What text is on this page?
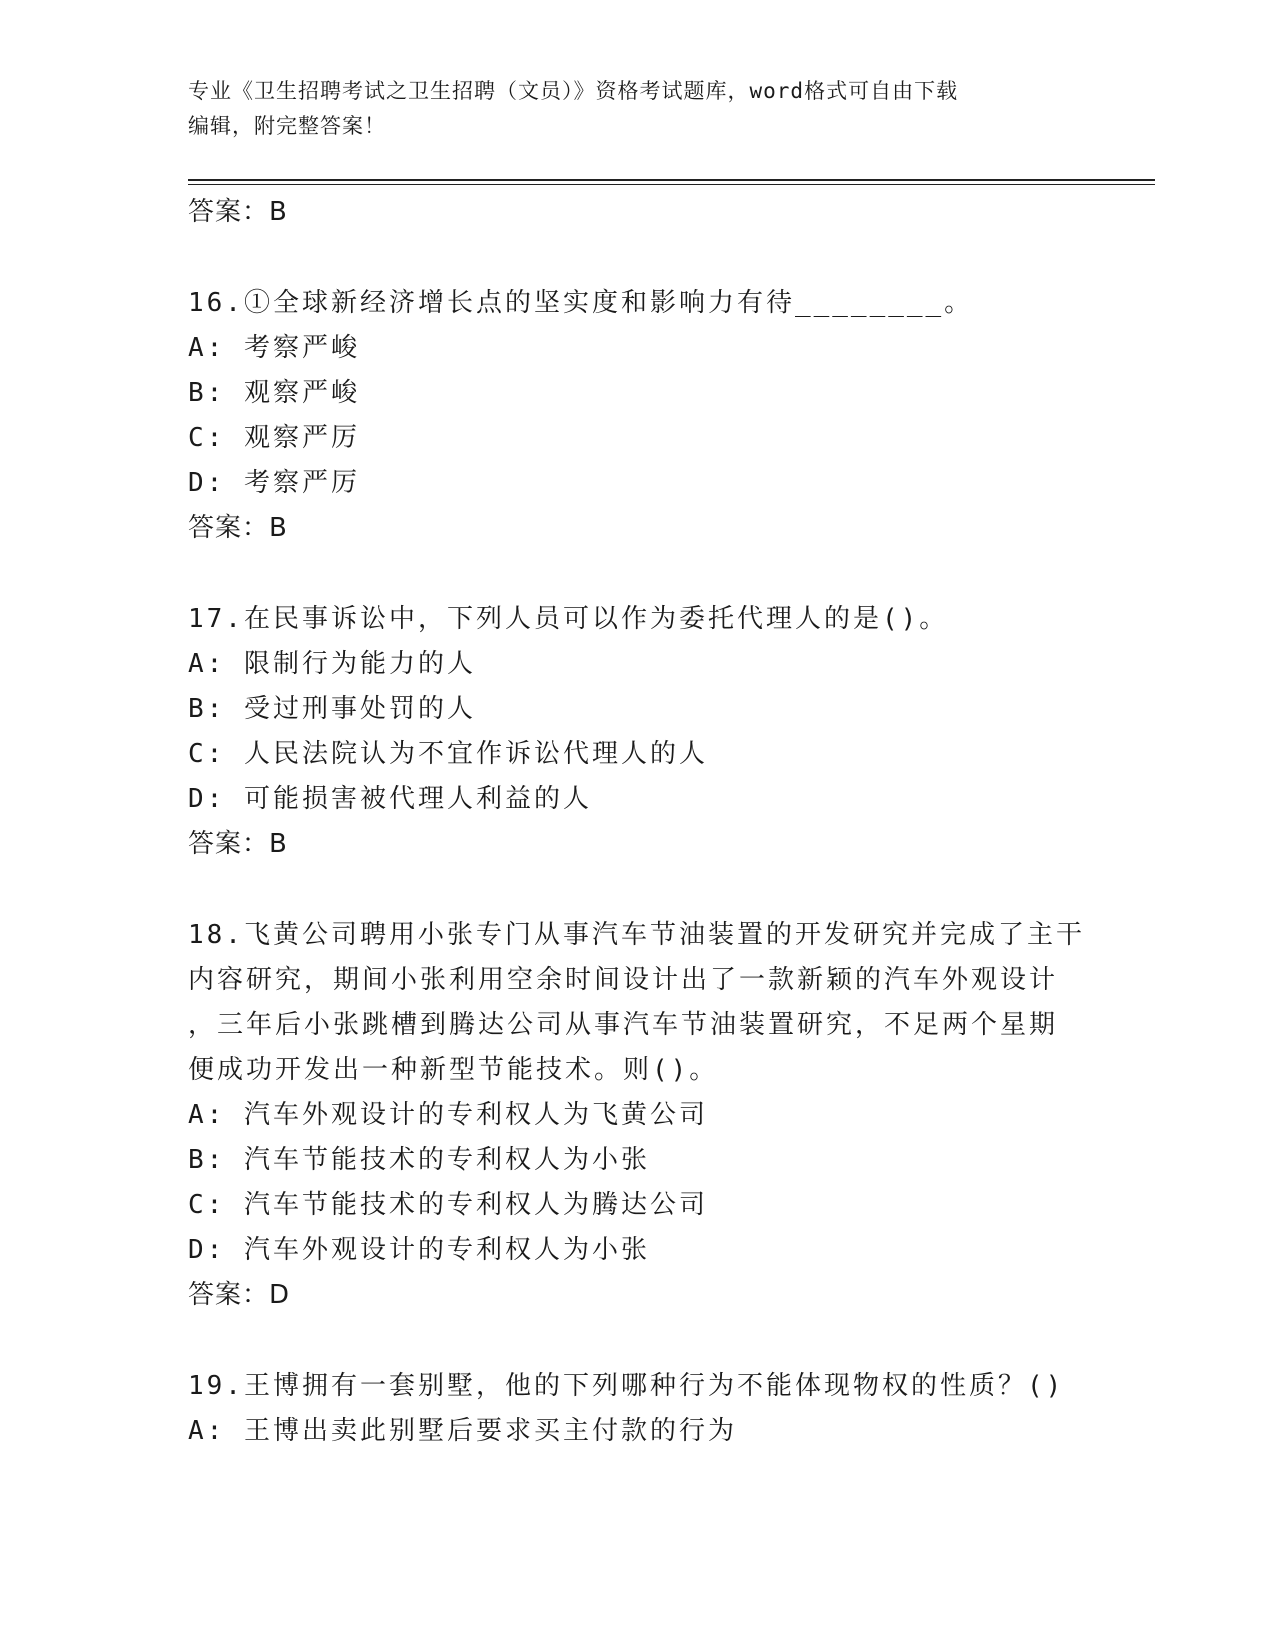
专业《卫生招聘考试之卫生招聘（文员）》资格考试题库，word格式可自由下载
编辑，附完整答案！
答案：B
16.①全球新经济增长点的坚实度和影响力有待________。
A: 考察严峻
B: 观察严峻
C: 观察严厉
D: 考察严厉
答案：B
17.在民事诉讼中，下列人员可以作为委托代理人的是()。
A: 限制行为能力的人
B: 受过刑事处罚的人
C: 人民法院认为不宜作诉讼代理人的人
D: 可能损害被代理人利益的人
答案：B
18.飞黄公司聘用小张专门从事汽车节油装置的开发研究并完成了主干
内容研究，期间小张利用空余时间设计出了一款新颖的汽车外观设计
，三年后小张跳槽到腾达公司从事汽车节油装置研究，不足两个星期
便成功开发出一种新型节能技术。则()。
A: 汽车外观设计的专利权人为飞黄公司
B: 汽车节能技术的专利权人为小张
C: 汽车节能技术的专利权人为腾达公司
D: 汽车外观设计的专利权人为小张
答案：D
19.王博拥有一套别墅，他的下列哪种行为不能体现物权的性质？()
A: 王博出卖此别墅后要求买主付款的行为
